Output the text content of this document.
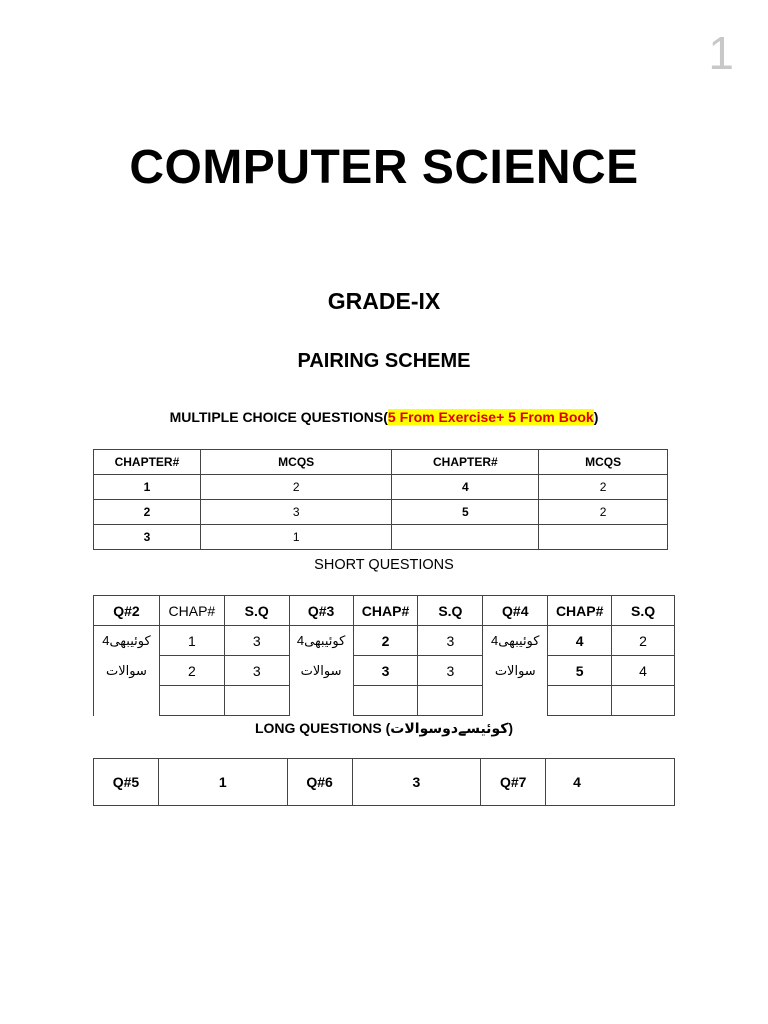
1
COMPUTER SCIENCE
GRADE-IX
PAIRING SCHEME
MULTIPLE CHOICE QUESTIONS(5 From Exercise+ 5 From Book)
CHAPTER#	MCQS	CHAPTER#	MCQS
1	2	4	2
2	3	5	2
3	1		
SHORT QUESTIONS
Q#2	CHAP#	S.Q	Q#3	CHAP#	S.Q	Q#4	CHAP#	S.Q
کوئیبھی4	1	3	کوئیبھی4	2	3	کوئیبھی4	4	2
سوالات	2	3	سوالات	3	3	سوالات	5	4

LONG QUESTIONS (کوئیسےدوسوالات)
Q#5	1	Q#6	3	Q#7	4
